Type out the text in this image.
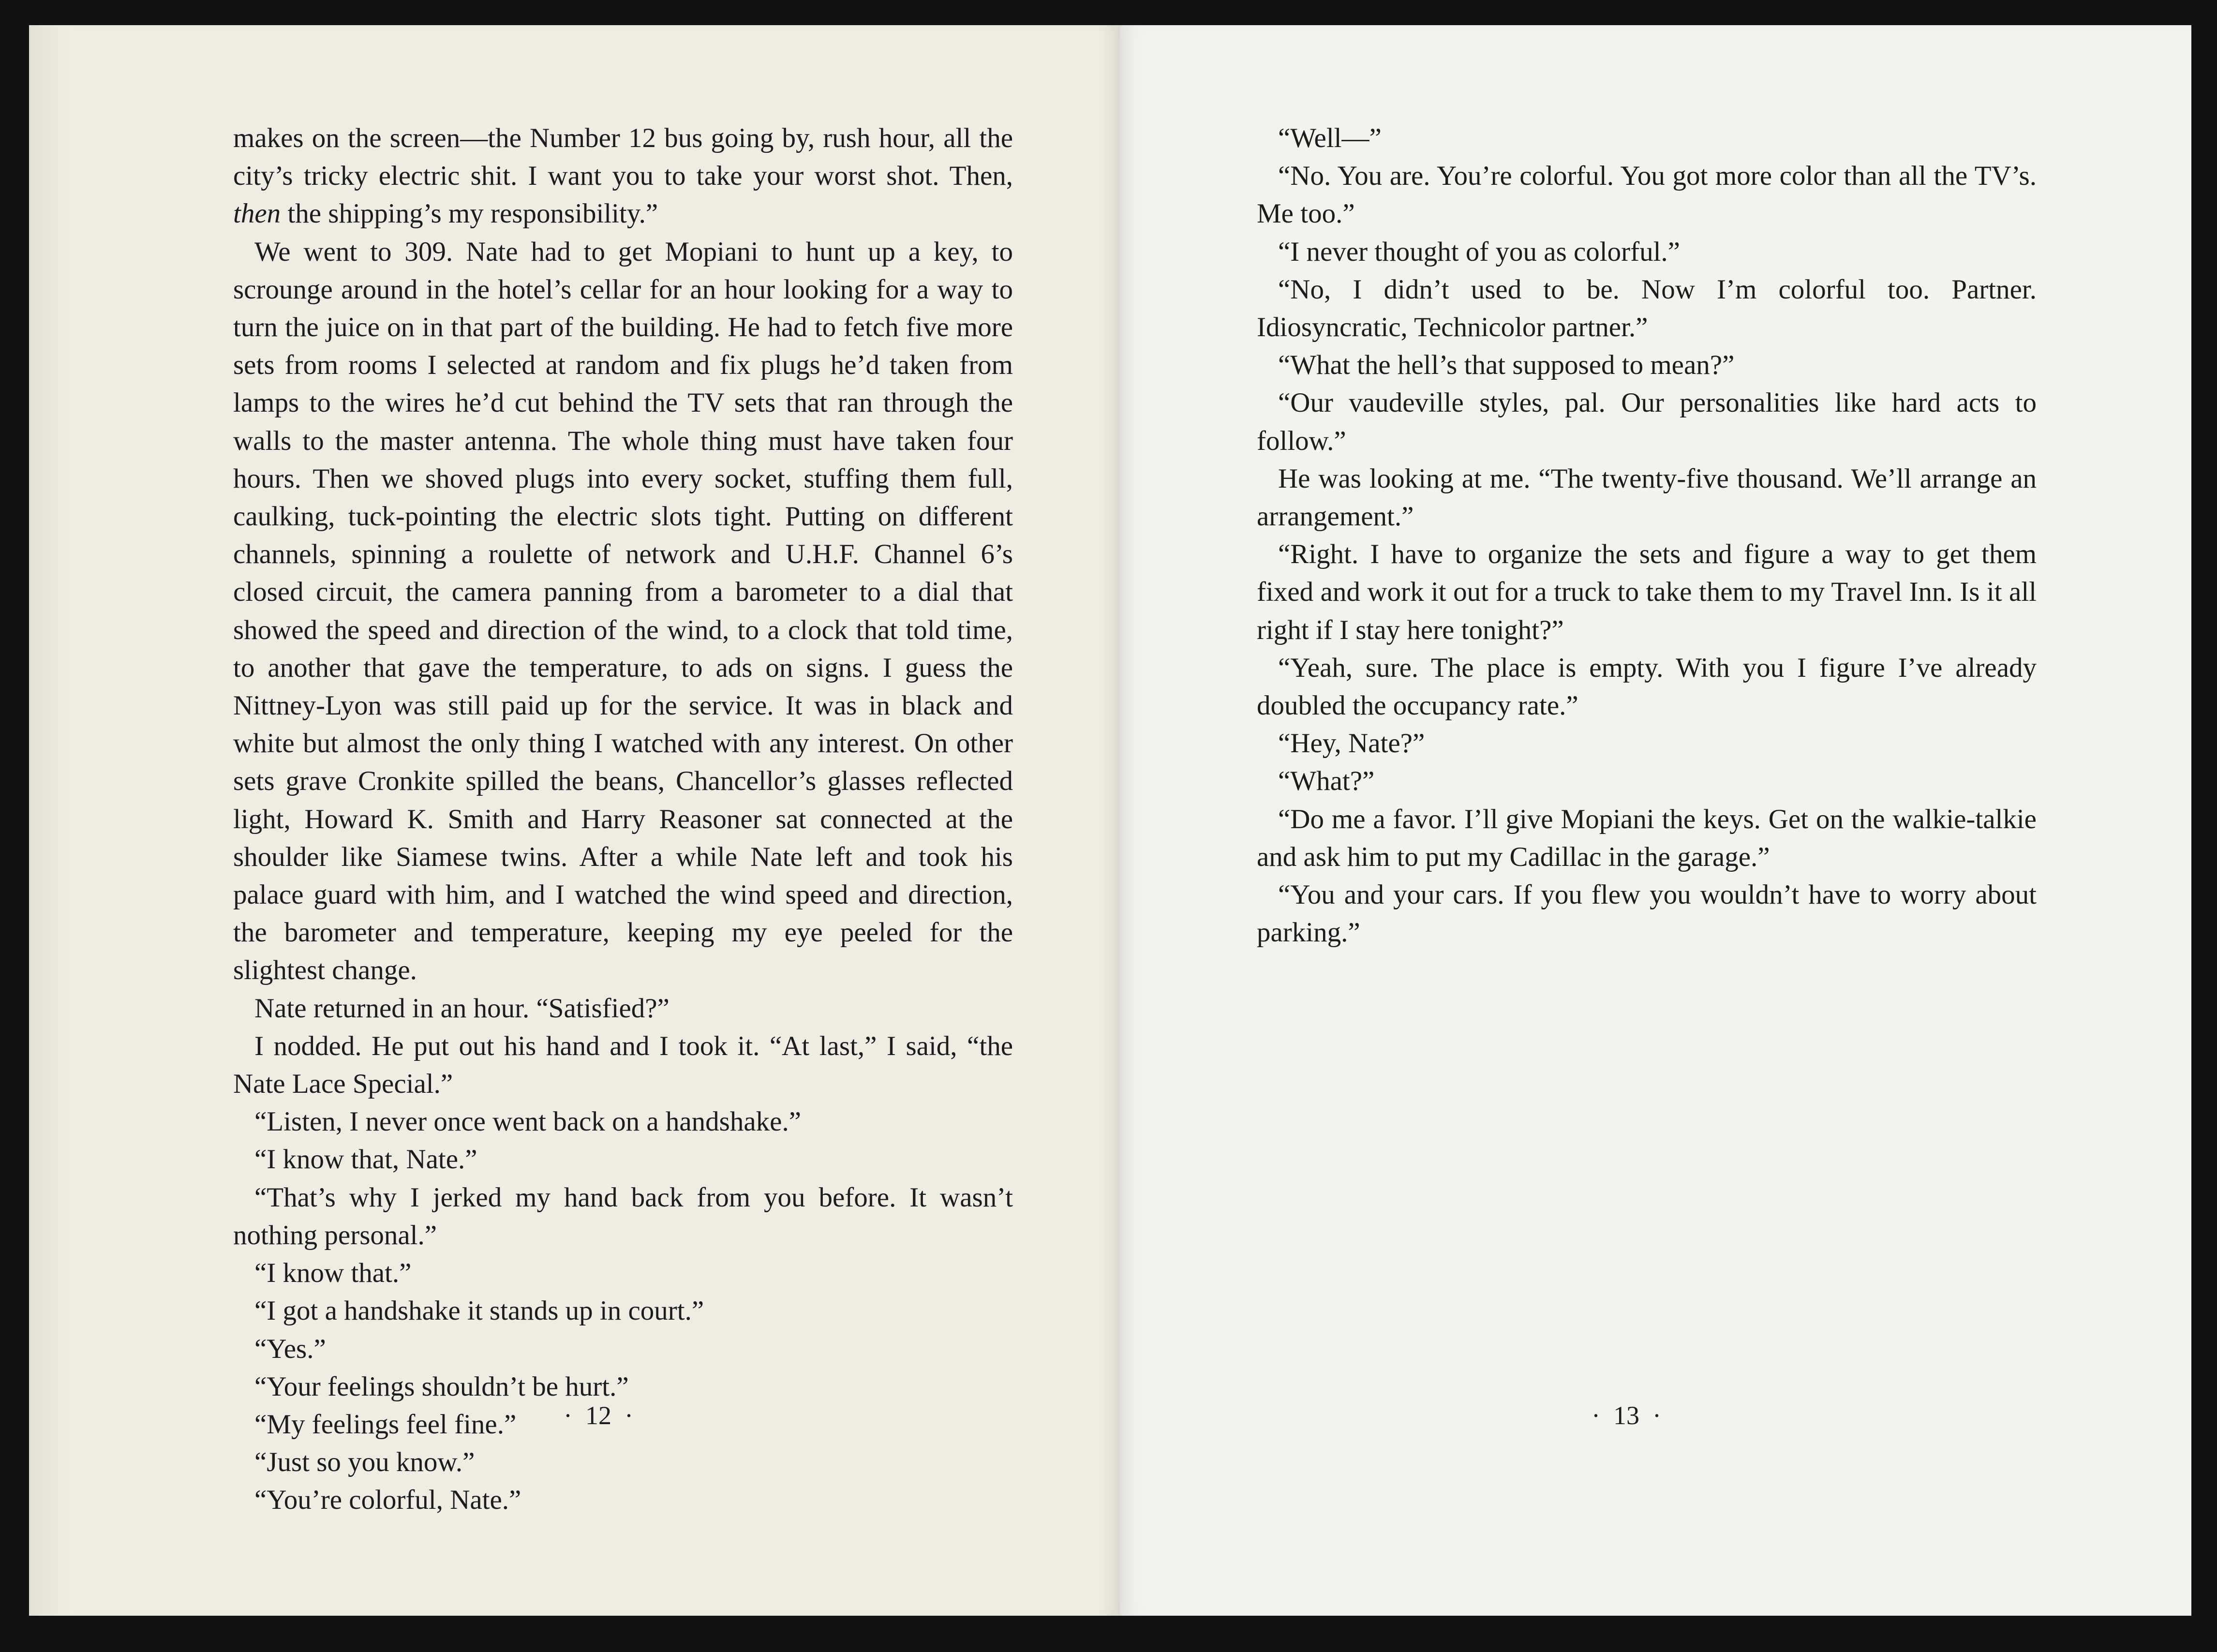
makes on the screen—the Number 12 bus going by, rush hour, all the city’s tricky electric shit. I want you to take your worst shot. Then, then the shipping’s my responsibility.”

We went to 309. Nate had to get Mopiani to hunt up a key, to scrounge around in the hotel’s cellar for an hour looking for a way to turn the juice on in that part of the building. He had to fetch five more sets from rooms I selected at random and fix plugs he’d taken from lamps to the wires he’d cut behind the TV sets that ran through the walls to the master antenna. The whole thing must have taken four hours. Then we shoved plugs into every socket, stuffing them full, caulking, tuck-pointing the electric slots tight. Putting on different channels, spinning a roulette of network and U.H.F. Channel 6’s closed circuit, the camera panning from a barometer to a dial that showed the speed and direction of the wind, to a clock that told time, to another that gave the temperature, to ads on signs. I guess the Nittney-Lyon was still paid up for the service. It was in black and white but almost the only thing I watched with any interest. On other sets grave Cronkite spilled the beans, Chancellor’s glasses reflected light, Howard K. Smith and Harry Reasoner sat connected at the shoulder like Siamese twins. After a while Nate left and took his palace guard with him, and I watched the wind speed and direction, the barometer and temperature, keeping my eye peeled for the slightest change.

Nate returned in an hour. “Satisfied?”

I nodded. He put out his hand and I took it. “At last,” I said, “the Nate Lace Special.”

“Listen, I never once went back on a handshake.”

“I know that, Nate.”

“That’s why I jerked my hand back from you before. It wasn’t nothing personal.”

“I know that.”

“I got a handshake it stands up in court.”

“Yes.”

“Your feelings shouldn’t be hurt.”

“My feelings feel fine.”

“Just so you know.”

“You’re colorful, Nate.”

“Well—”

“No. You are. You’re colorful. You got more color than all the TV’s. Me too.”

“I never thought of you as colorful.”

“No, I didn’t used to be. Now I’m colorful too. Partner. Idiosyncratic, Technicolor partner.”

“What the hell’s that supposed to mean?”

“Our vaudeville styles, pal. Our personalities like hard acts to follow.”

He was looking at me. “The twenty-five thousand. We’ll arrange an arrangement.”

“Right. I have to organize the sets and figure a way to get them fixed and work it out for a truck to take them to my Travel Inn. Is it all right if I stay here tonight?”

“Yeah, sure. The place is empty. With you I figure I’ve already doubled the occupancy rate.”

“Hey, Nate?”

“What?”

“Do me a favor. I’ll give Mopiani the keys. Get on the walkie-talkie and ask him to put my Cadillac in the garage.”

“You and your cars. If you flew you wouldn’t have to worry about parking.”

·  12  ·	·  13  ·
